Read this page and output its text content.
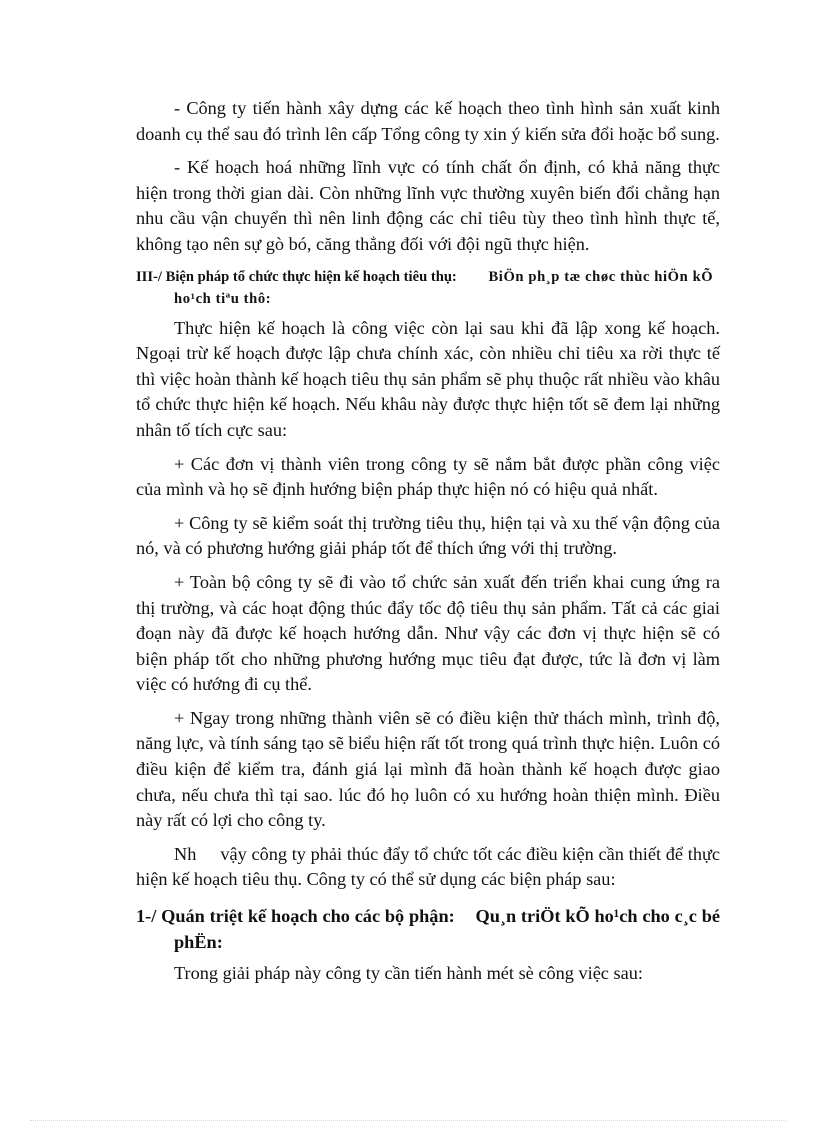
- Công ty tiến hành xây dựng các kế hoạch theo tình hình sản xuất kinh doanh cụ thể sau đó trình lên cấp Tổng công ty xin ý kiến sửa đổi hoặc bổ sung.

- Kế hoạch hoá những lĩnh vực có tính chất ổn định, có khả năng thực hiện trong thời gian dài. Còn những lĩnh vực thường xuyên biến đổi chẳng hạn nhu cầu vận chuyển thì nên linh động các chỉ tiêu tùy theo tình hình thực tế, không tạo nên sự gò bó, căng thẳng đối với đội ngũ thực hiện.

III-/ Biện pháp tổ chức thực hiện kế hoạch tiêu thụ: BiÖn ph¸p tæ chøc thùc hiÖn kÕ ho¹ch tiªu thô:

Thực hiện kế hoạch là công việc còn lại sau khi đã lập xong kế hoạch. Ngoại trừ kế hoạch được lập chưa chính xác, còn nhiều chỉ tiêu xa rời thực tế thì việc hoàn thành kế hoạch tiêu thụ sản phẩm sẽ phụ thuộc rất nhiều vào khâu tổ chức thực hiện kế hoạch. Nếu khâu này được thực hiện tốt sẽ đem lại những nhân tố tích cực sau:

+ Các đơn vị thành viên trong công ty sẽ nắm bắt được phần công việc của mình và họ sẽ định hướng biện pháp thực hiện nó có hiệu quả nhất.

+ Công ty sẽ kiểm soát thị trường tiêu thụ, hiện tại và xu thế vận động của nó, và có phương hướng giải pháp tốt để thích ứng với thị trường.

+ Toàn bộ công ty sẽ đi vào tổ chức sản xuất đến triển khai cung ứng ra thị trường, và các hoạt động thúc đẩy tốc độ tiêu thụ sản phẩm. Tất cả các giai đoạn này đã được kế hoạch hướng dẫn. Như vậy các đơn vị thực hiện sẽ có biện pháp tốt cho những phương hướng mục tiêu đạt được, tức là đơn vị làm việc có hướng đi cụ thể.

+ Ngay trong những thành viên sẽ có điều kiện thử thách mình, trình độ, năng lực, và tính sáng tạo sẽ biểu hiện rất tốt trong quá trình thực hiện. Luôn có điều kiện để kiểm tra, đánh giá lại mình đã hoàn thành kế hoạch được giao chưa, nếu chưa thì tại sao. lúc đó họ luôn có xu hướng hoàn thiện mình. Điều này rất có lợi cho công ty.

Nh vậy công ty phải thúc đẩy tổ chức tốt các điều kiện cần thiết để thực hiện kế hoạch tiêu thụ. Công ty có thể sử dụng các biện pháp sau:

1-/ Quán triệt kế hoạch cho các bộ phận: Qu¸n triÖt kÕ ho¹ch cho c¸c bé phËn:

Trong giải pháp này công ty cần tiến hành mét sè công việc sau:
